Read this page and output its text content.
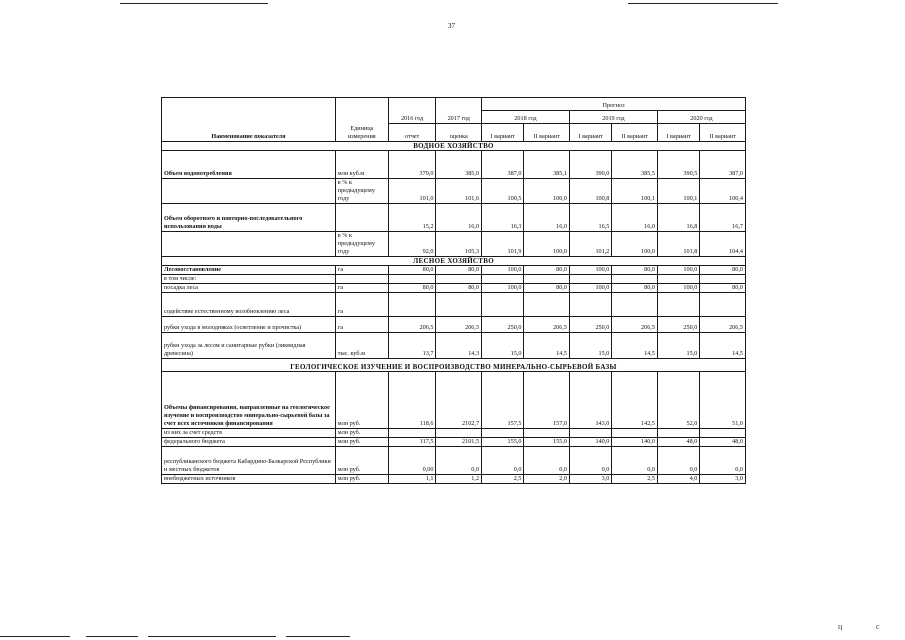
37
ц	с
Наименование показателя	Единица измерения	2016 год	2017 год	Прогноз					
				2018 год		2019 год		2020 год	
		отчет	оценка	I вариант	II вариант	I вариант	II вариант	I вариант	II вариант
ВОДНОЕ ХОЗЯЙСТВО									
Объем водопотребления	млн куб.м	379,0	385,0	387,0	385,1	390,0	385,5	390,5	387,0
	в % к предыдущему году	101,0	101,6	100,5	100,0	100,8	100,1	100,1	100,4
Объем оборотного и повторно-последовательного использования воды		15,2	16,0	16,3	16,0	16,5	16,0	16,8	16,7
	в % к предыдущему году	92,0	105,3	101,9	100,0	101,2	100,0	101,8	104,4
ЛЕСНОЕ ХОЗЯЙСТВО									
Лесовосстановление	га	80,0	80,0	100,0	80,0	100,0	80,0	100,0	80,0
в том числе:									
посадка леса	га	80,0	80,0	100,0	80,0	100,0	80,0	100,0	80,0
содействие естественному возобновлению леса	га								
рубки ухода в молодняках (осветление и прочистка)	га	206,5	206,5	250,0	206,5	250,0	206,5	250,0	206,5
рубки ухода за лесом и санитарные рубки (ликвидная древесина)	тыс. куб.м	13,7	14,3	15,0	14,5	15,0	14,5	15,0	14,5
ГЕОЛОГИЧЕСКОЕ ИЗУЧЕНИЕ И ВОСПРОИЗВОДСТВО МИНЕРАЛЬНО-СЫРЬЕВОЙ БАЗЫ									
Объемы финансирования, направленные на геологическое изучение и воспроизводство минерально-сырьевой базы за счет всех источников финансирования	млн руб.	118,6	2102,7	157,5	157,0	143,0	142,5	52,0	51,0
из них за счет средств	млн руб.								
федерального бюджета	млн руб.	117,5	2101,5	155,0	155,0	140,0	140,0	48,0	48,0
республиканского бюджета Кабардино-Балкарской Республики и местных бюджетов	млн руб.	0,00	0,0	0,0	0,0	0,0	0,0	0,0	0,0
внебюджетных источников	млн руб.	1,1	1,2	2,5	2,0	3,0	2,5	4,0	3,0
